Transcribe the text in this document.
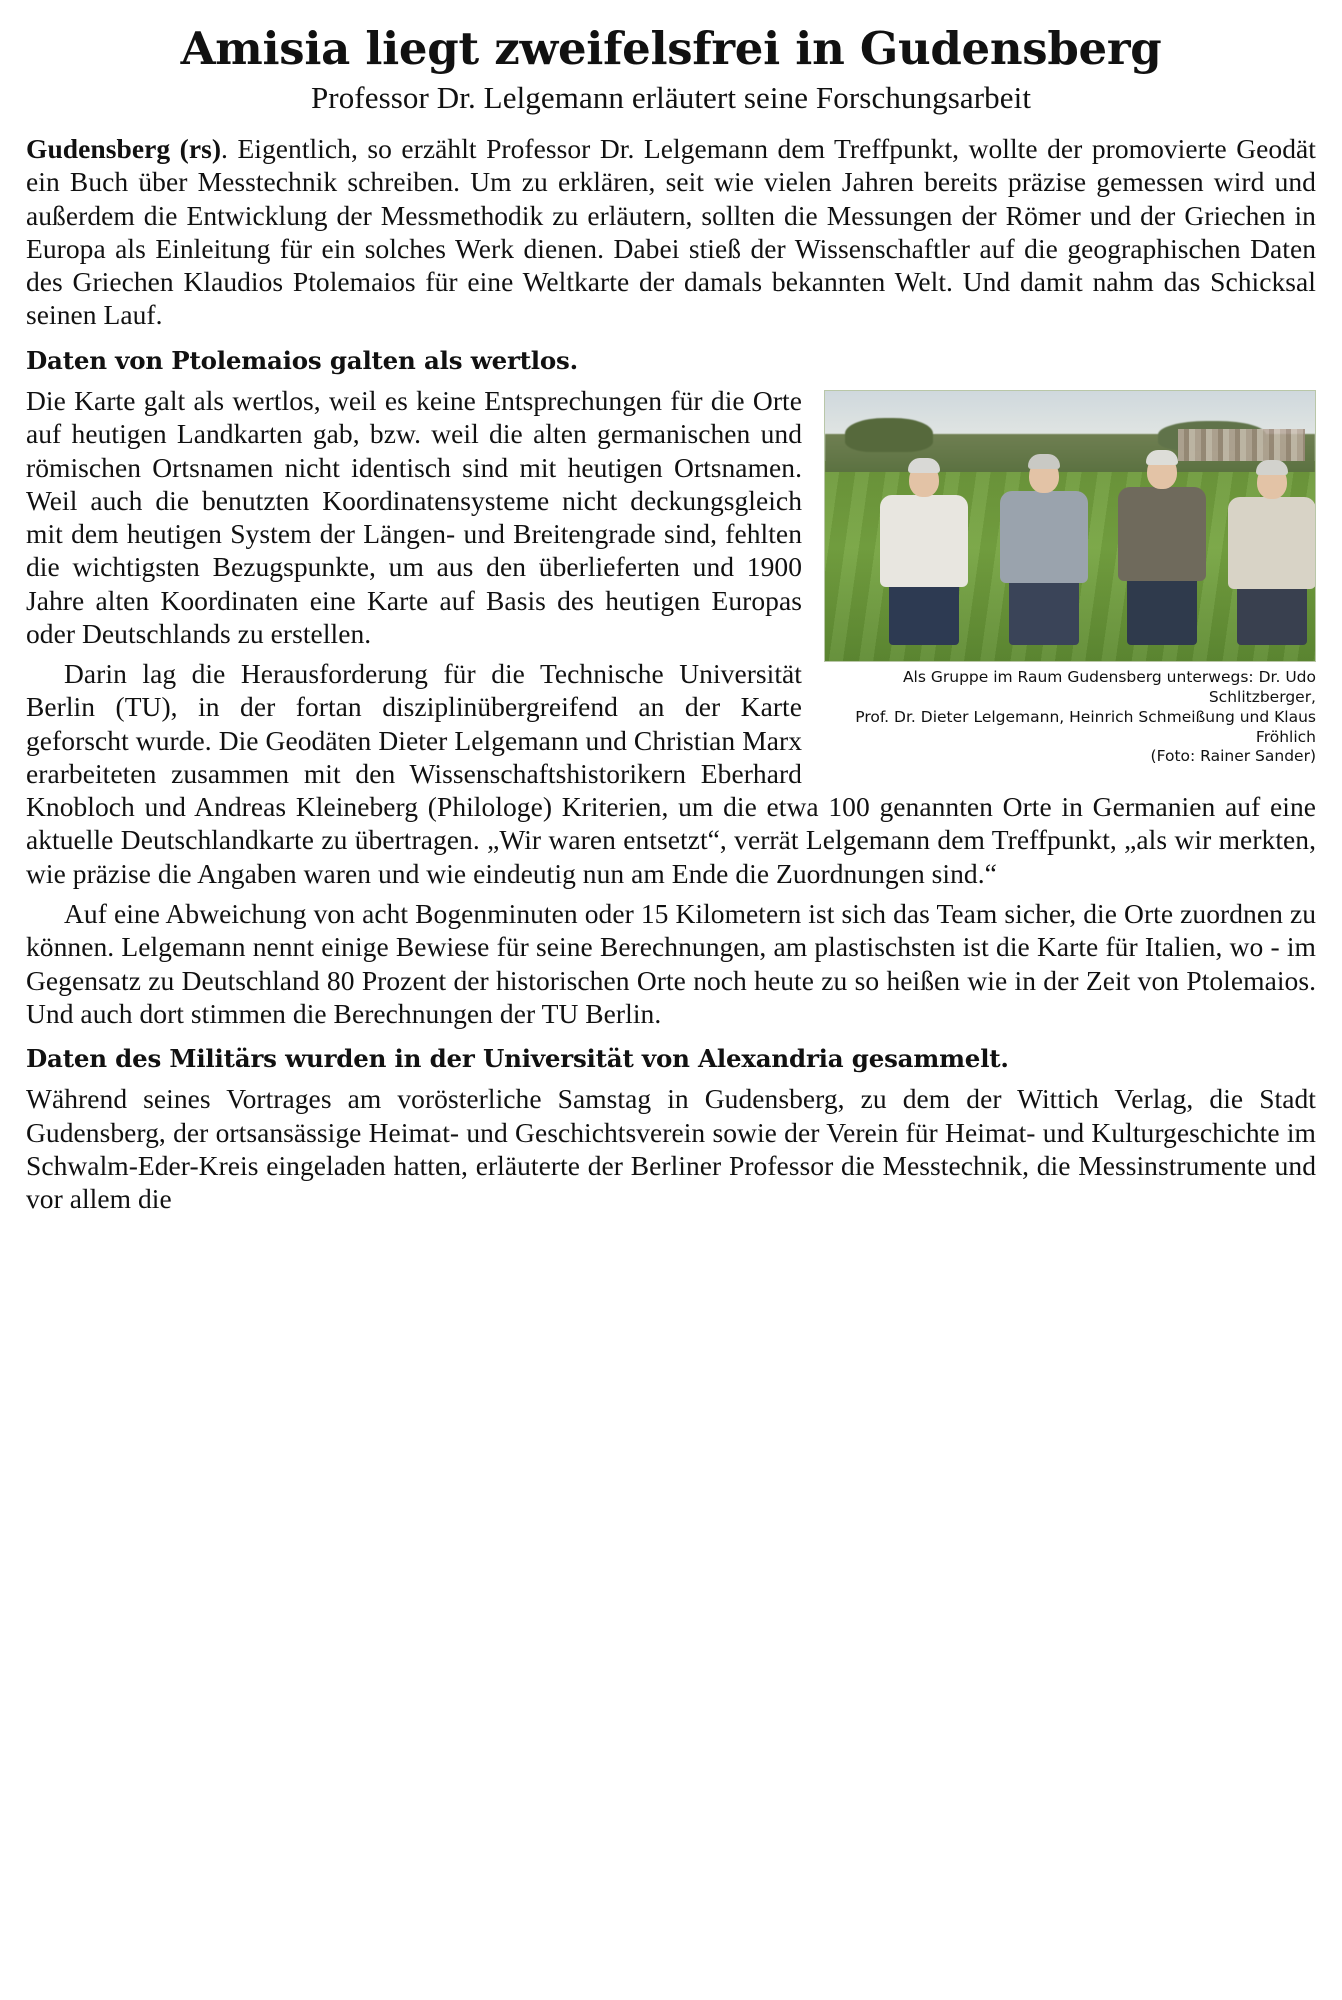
Amisia liegt zweifelsfrei in Gudensberg
Professor Dr. Lelgemann erläutert seine Forschungsarbeit

Gudensberg (rs). Eigentlich, so erzählt Professor Dr. Lelgemann dem Treffpunkt, wollte der promovierte Geodät ein Buch über Messtechnik schreiben. Um zu erklären, seit wie vielen Jahren bereits präzise gemessen wird und außerdem die Entwicklung der Messmethodik zu erläutern, sollten die Messungen der Römer und der Griechen in Europa als Einleitung für ein solches Werk dienen. Dabei stieß der Wissenschaftler auf die geographischen Daten des Griechen Klaudios Ptolemaios für eine Weltkarte der damals bekannten Welt. Und damit nahm das Schicksal seinen Lauf.

Daten von Ptolemaios galten als wertlos.
Als Gruppe im Raum Gudensberg unterwegs: Dr. Udo Schlitzberger,
Prof. Dr. Dieter Lelgemann, Heinrich Schmeißung und Klaus Fröhlich
(Foto: Rainer Sander)

Die Karte galt als wertlos, weil es keine Entsprechungen für die Orte auf heutigen Landkarten gab, bzw. weil die alten germanischen und römischen Ortsnamen nicht identisch sind mit heutigen Ortsnamen. Weil auch die benutzten Koordinatensysteme nicht deckungsgleich mit dem heutigen System der Längen- und Breitengrade sind, fehlten die wichtigsten Bezugspunkte, um aus den überlieferten und 1900 Jahre alten Koordinaten eine Karte auf Basis des heutigen Europas oder Deutschlands zu erstellen.

Darin lag die Herausforderung für die Technische Universität Berlin (TU), in der fortan disziplinübergreifend an der Karte geforscht wurde. Die Geodäten Dieter Lelgemann und Christian Marx erarbeiteten zusammen mit den Wissenschaftshistorikern Eberhard Knobloch und Andreas Kleineberg (Philologe) Kriterien, um die etwa 100 genannten Orte in Germanien auf eine aktuelle Deutschlandkarte zu übertragen. „Wir waren entsetzt“, verrät Lelgemann dem Treffpunkt, „als wir merkten, wie präzise die Angaben waren und wie eindeutig nun am Ende die Zuordnungen sind.“

Auf eine Abweichung von acht Bogenminuten oder 15 Kilometern ist sich das Team sicher, die Orte zuordnen zu können. Lelgemann nennt einige Bewiese für seine Berechnungen, am plastischsten ist die Karte für Italien, wo - im Gegensatz zu Deutschland 80 Prozent der historischen Orte noch heute zu so heißen wie in der Zeit von Ptolemaios. Und auch dort stimmen die Berechnungen der TU Berlin.

Daten des Militärs wurden in der Universität von Alexandria gesammelt.

Während seines Vortrages am vorösterliche Samstag in Gudensberg, zu dem der Wittich Verlag, die Stadt Gudensberg, der ortsansässige Heimat- und Geschichtsverein sowie der Verein für Heimat- und Kulturgeschichte im Schwalm-Eder-Kreis eingeladen hatten, erläuterte der Berliner Professor die Messtechnik, die Messinstrumente und vor allem die
